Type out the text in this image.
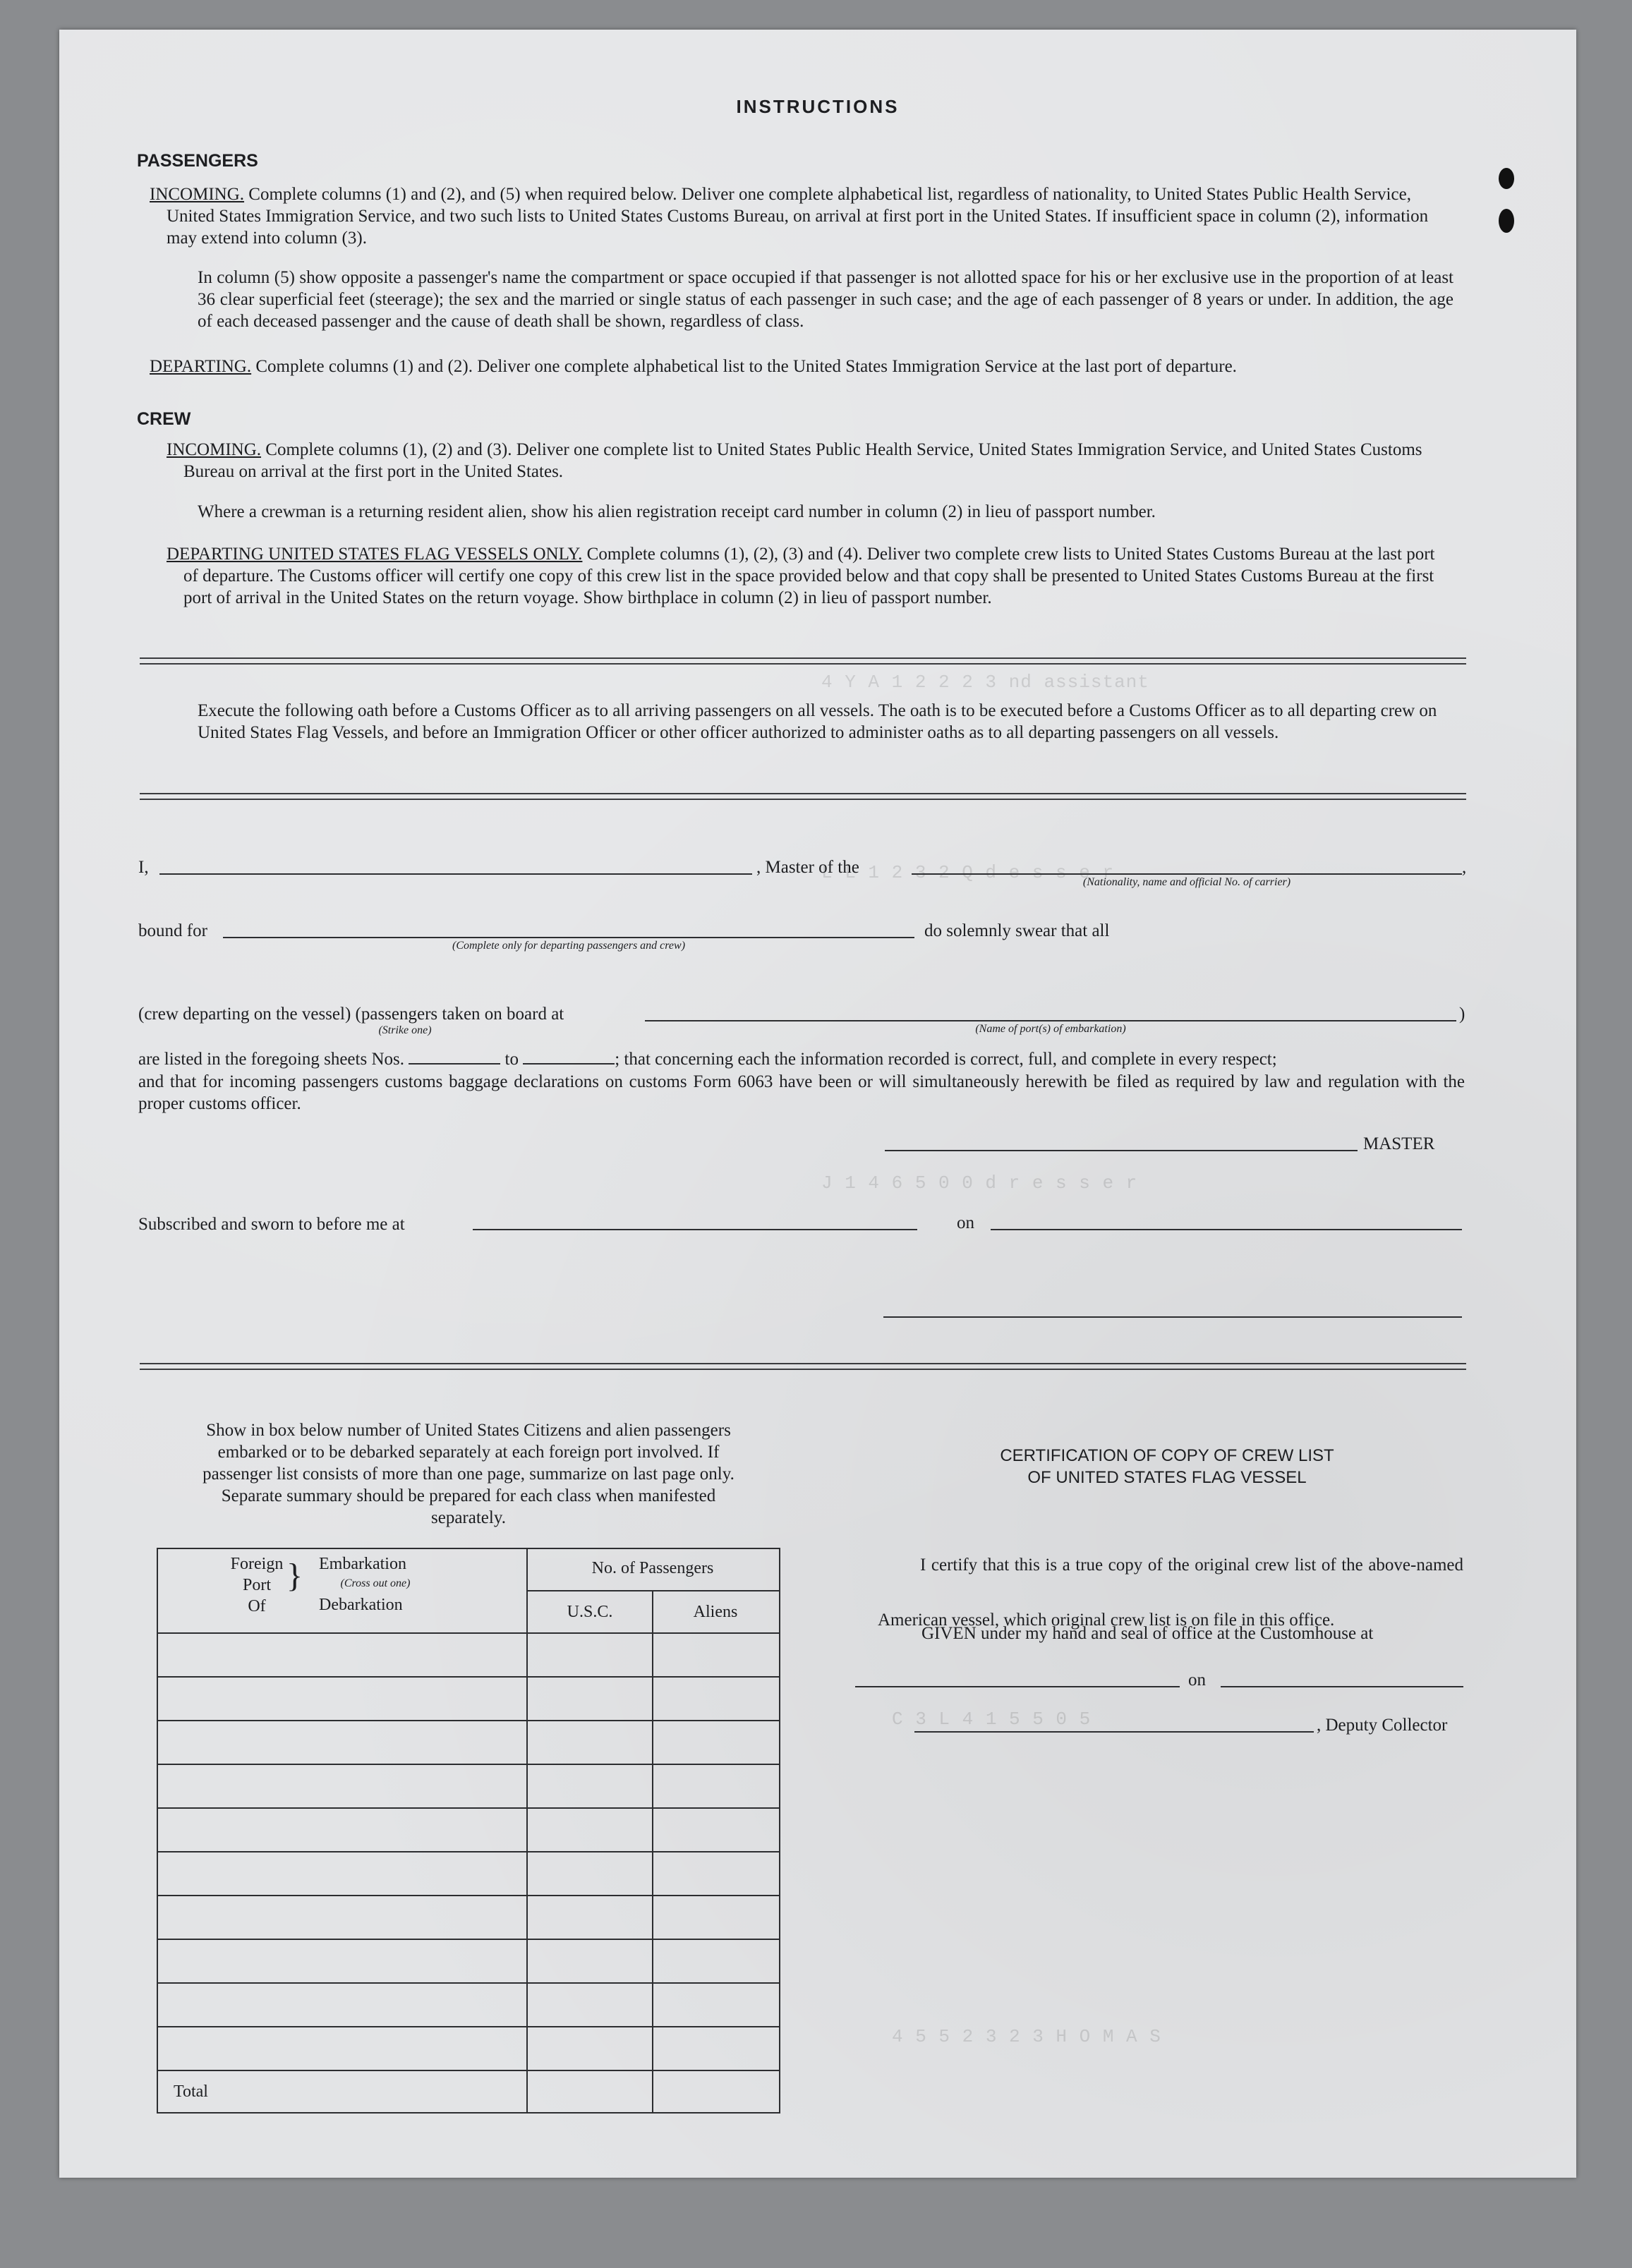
4 Y A 1 2 2 2 3 nd assistant
L L 1 2 3 2 Q d e s s e r
J 1 4 6 5 0 0 d r e s s e r
C 3 L 4 1 5 5 0 5
4 5 5 2 3 2 3 H O M A S
INSTRUCTIONS
PASSENGERS
INCOMING. Complete columns (1) and (2), and (5) when required below. Deliver one complete alphabetical list, regardless of nationality, to United States Public Health Service, United States Immigration Service, and two such lists to United States Customs Bureau, on arrival at first port in the United States. If insufficient space in column (2), information may extend into column (3).
In column (5) show opposite a passenger's name the compartment or space occupied if that passenger is not allotted space for his or her exclusive use in the proportion of at least 36 clear superficial feet (steerage); the sex and the married or single status of each passenger in such case; and the age of each passenger of 8 years or under. In addition, the age of each deceased passenger and the cause of death shall be shown, regardless of class.
DEPARTING. Complete columns (1) and (2). Deliver one complete alphabetical list to the United States Immigration Service at the last port of departure.
CREW
INCOMING. Complete columns (1), (2) and (3). Deliver one complete list to United States Public Health Service, United States Immigration Service, and United States Customs Bureau on arrival at the first port in the United States.
Where a crewman is a returning resident alien, show his alien registration receipt card number in column (2) in lieu of passport number.
DEPARTING UNITED STATES FLAG VESSELS ONLY. Complete columns (1), (2), (3) and (4). Deliver two complete crew lists to United States Customs Bureau at the last port of departure. The Customs officer will certify one copy of this crew list in the space provided below and that copy shall be presented to United States Customs Bureau at the first port of arrival in the United States on the return voyage. Show birthplace in column (2) in lieu of passport number.
Execute the following oath before a Customs Officer as to all arriving passengers on all vessels. The oath is to be executed before a Customs Officer as to all departing crew on United States Flag Vessels, and before an Immigration Officer or other officer authorized to administer oaths as to all departing passengers on all vessels.
I,	, Master of the	,
(Nationality, name and official No. of carrier)
bound for
(Complete only for departing passengers and crew)
do solemnly swear that all
(crew departing on the vessel) (passengers taken on board at
(Strike one)	(Name of port(s) of embarkation)
)
are listed in the foregoing sheets Nos.	to	; that concerning each the information recorded is correct, full, and complete in every respect;
and that for incoming passengers customs baggage declarations on customs Form 6063 have been or will simultaneously herewith be filed as required by law and regulation with the proper customs officer.
MASTER
Subscribed and sworn to before me at	on
Show in box below number of United States Citizens and alien passengers embarked or to be debarked separately at each foreign port involved. If passenger list consists of more than one page, summarize on last page only. Separate summary should be prepared for each class when manifested separately.
Foreign
Port
Of
} Embarkation
(Cross out one)
Debarkation
No. of Passengers
U.S.C.	Aliens
Total
CERTIFICATION OF COPY OF CREW LIST
OF UNITED STATES FLAG VESSEL
I certify that this is a true copy of the original crew list of the above-named American vessel, which original crew list is on file in this office.
GIVEN under my hand and seal of office at the Customhouse at
on
, Deputy Collector
